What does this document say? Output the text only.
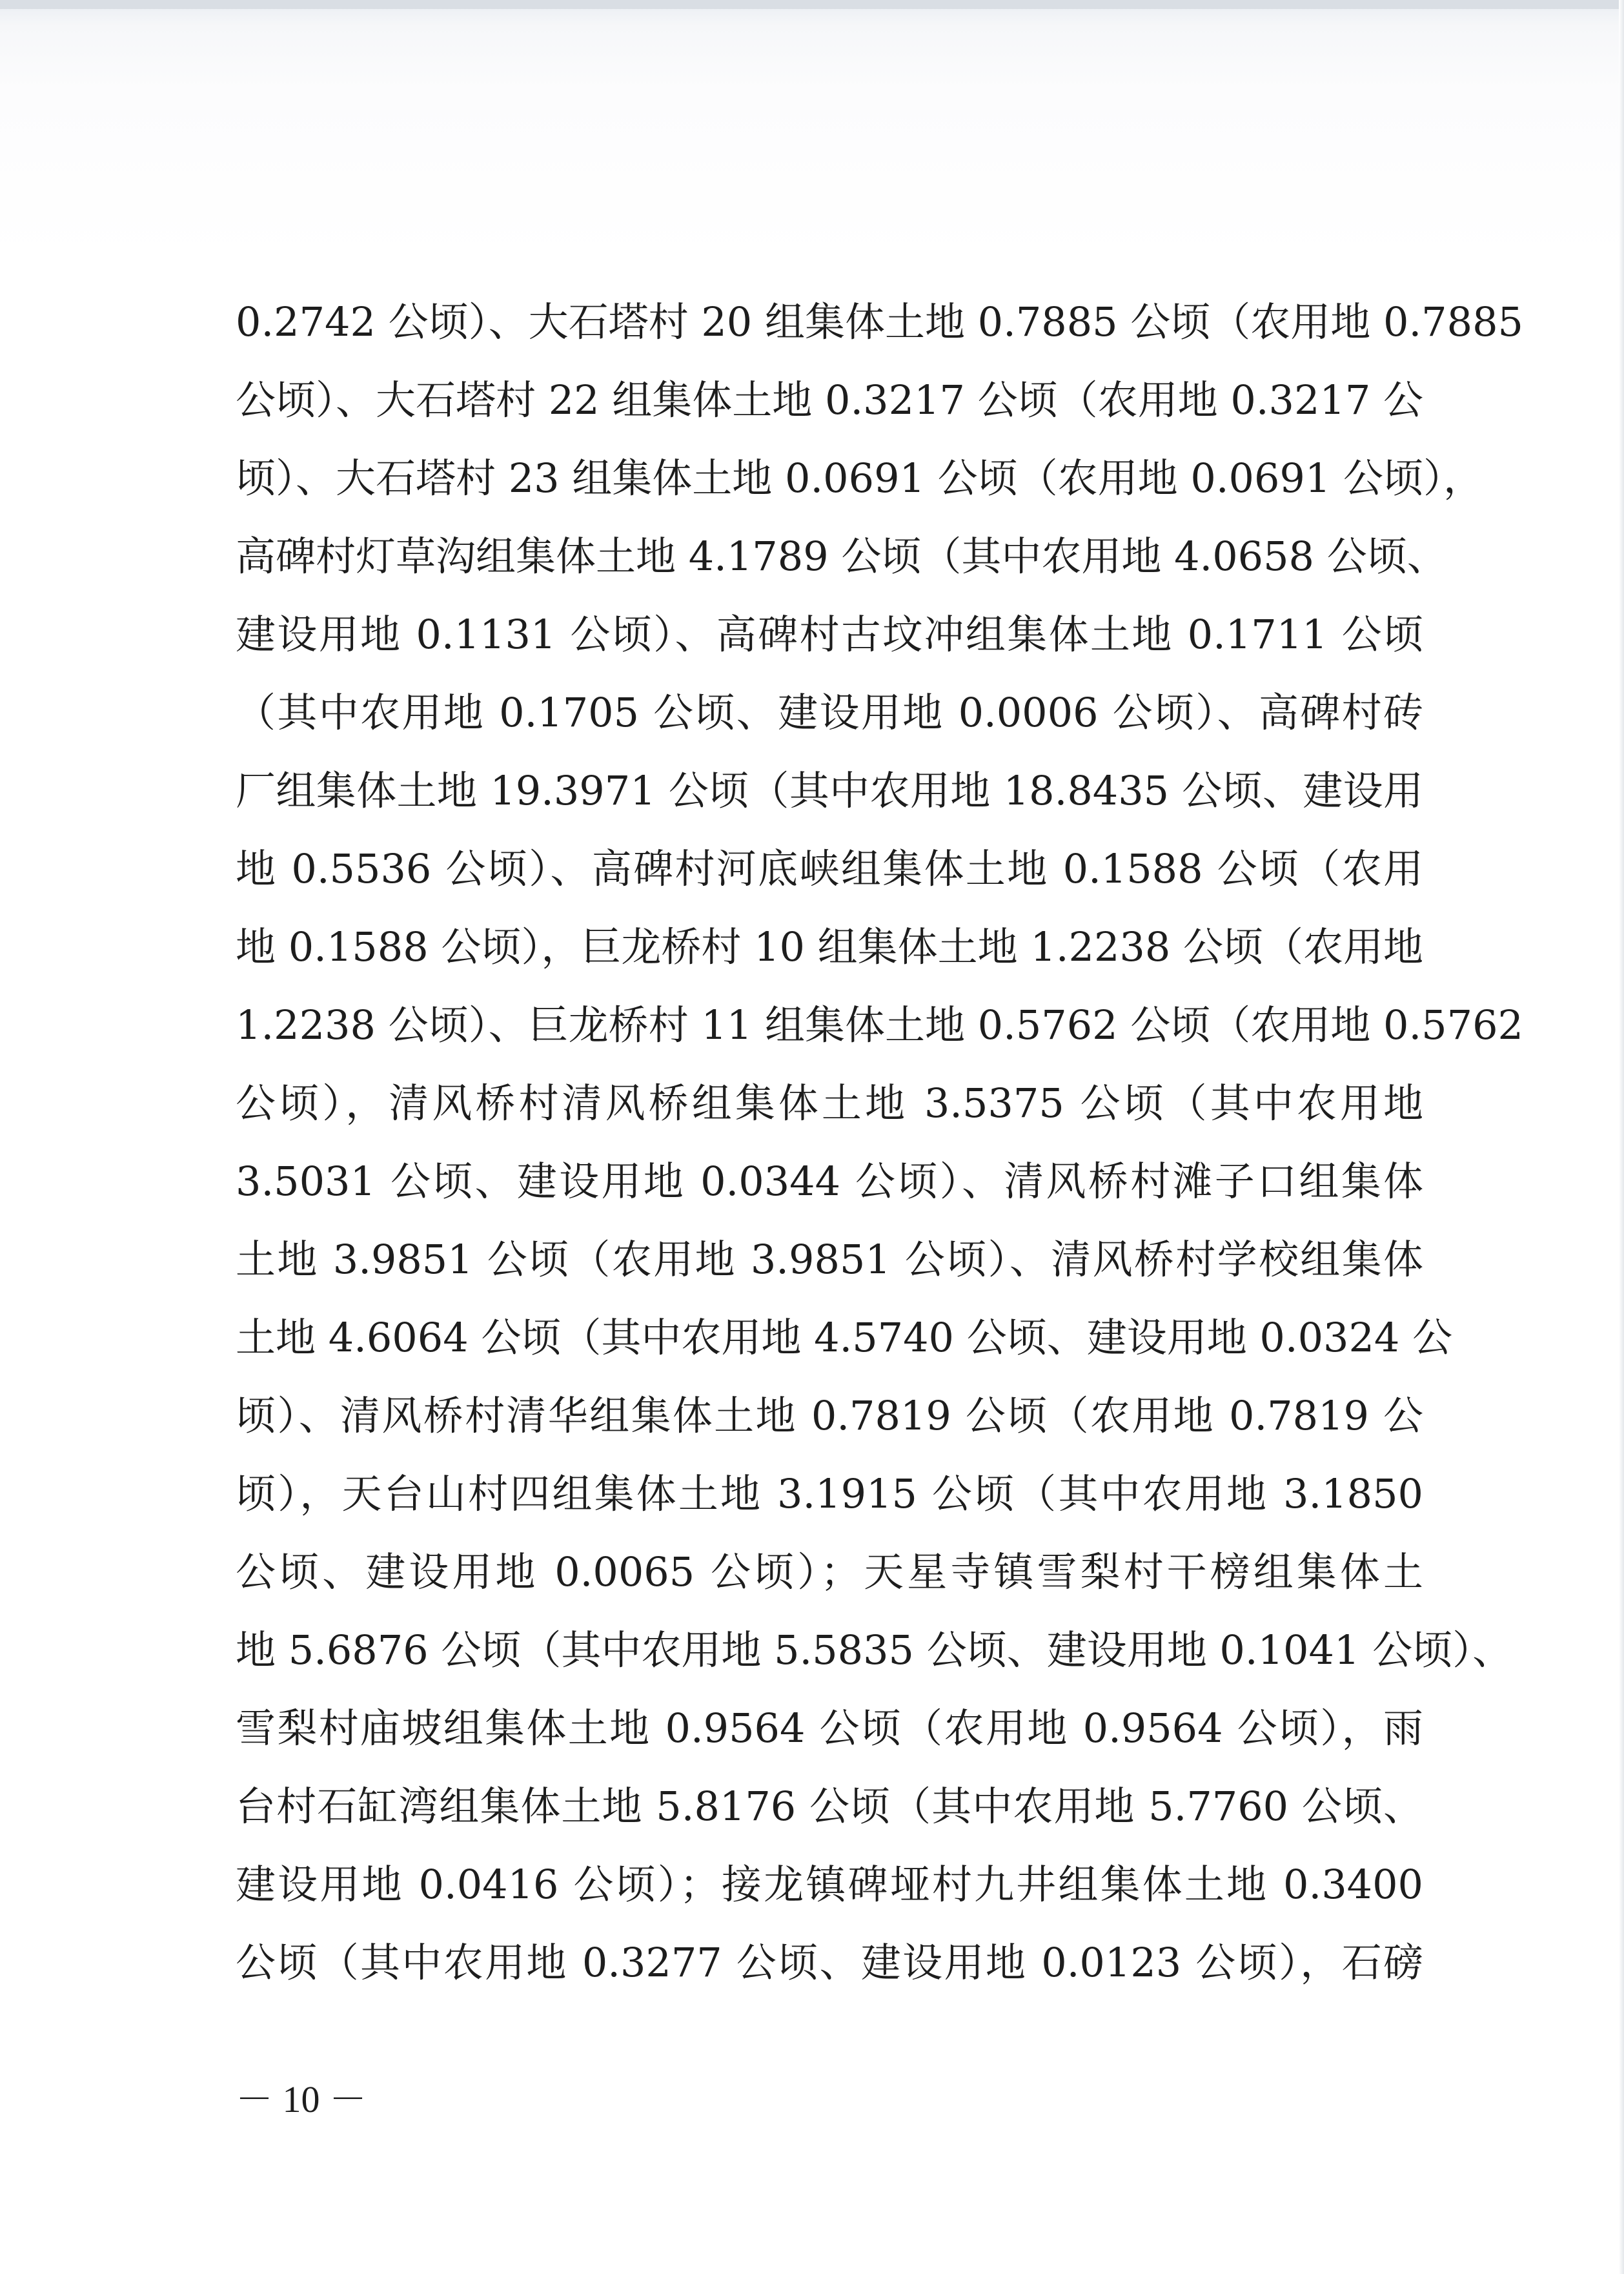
0.2742 公顷）、大石塔村 20 组集体土地 0.7885 公顷（农用地 0.7885
公顷）、大石塔村 22 组集体土地 0.3217 公顷（农用地 0.3217 公
顷）、大石塔村 23 组集体土地 0.0691 公顷（农用地 0.0691 公顷），
高碑村灯草沟组集体土地 4.1789 公顷（其中农用地 4.0658 公顷、
建设用地 0.1131 公顷）、高碑村古坟冲组集体土地 0.1711 公顷
（其中农用地 0.1705 公顷、建设用地 0.0006 公顷）、高碑村砖
厂组集体土地 19.3971 公顷（其中农用地 18.8435 公顷、建设用
地 0.5536 公顷）、高碑村河底峡组集体土地 0.1588 公顷（农用
地 0.1588 公顷），巨龙桥村 10 组集体土地 1.2238 公顷（农用地
1.2238 公顷）、巨龙桥村 11 组集体土地 0.5762 公顷（农用地 0.5762
公顷），清风桥村清风桥组集体土地 3.5375 公顷（其中农用地
3.5031 公顷、建设用地 0.0344 公顷）、清风桥村滩子口组集体
土地 3.9851 公顷（农用地 3.9851 公顷）、清风桥村学校组集体
土地 4.6064 公顷（其中农用地 4.5740 公顷、建设用地 0.0324 公
顷）、清风桥村清华组集体土地 0.7819 公顷（农用地 0.7819 公
顷），天台山村四组集体土地 3.1915 公顷（其中农用地 3.1850
公顷、建设用地 0.0065 公顷）；天星寺镇雪梨村干榜组集体土
地 5.6876 公顷（其中农用地 5.5835 公顷、建设用地 0.1041 公顷）、
雪梨村庙坡组集体土地 0.9564 公顷（农用地 0.9564 公顷），雨
台村石缸湾组集体土地 5.8176 公顷（其中农用地 5.7760 公顷、
建设用地 0.0416 公顷）；接龙镇碑垭村九井组集体土地 0.3400
公顷（其中农用地 0.3277 公顷、建设用地 0.0123 公顷），石磅
－ 10 －
